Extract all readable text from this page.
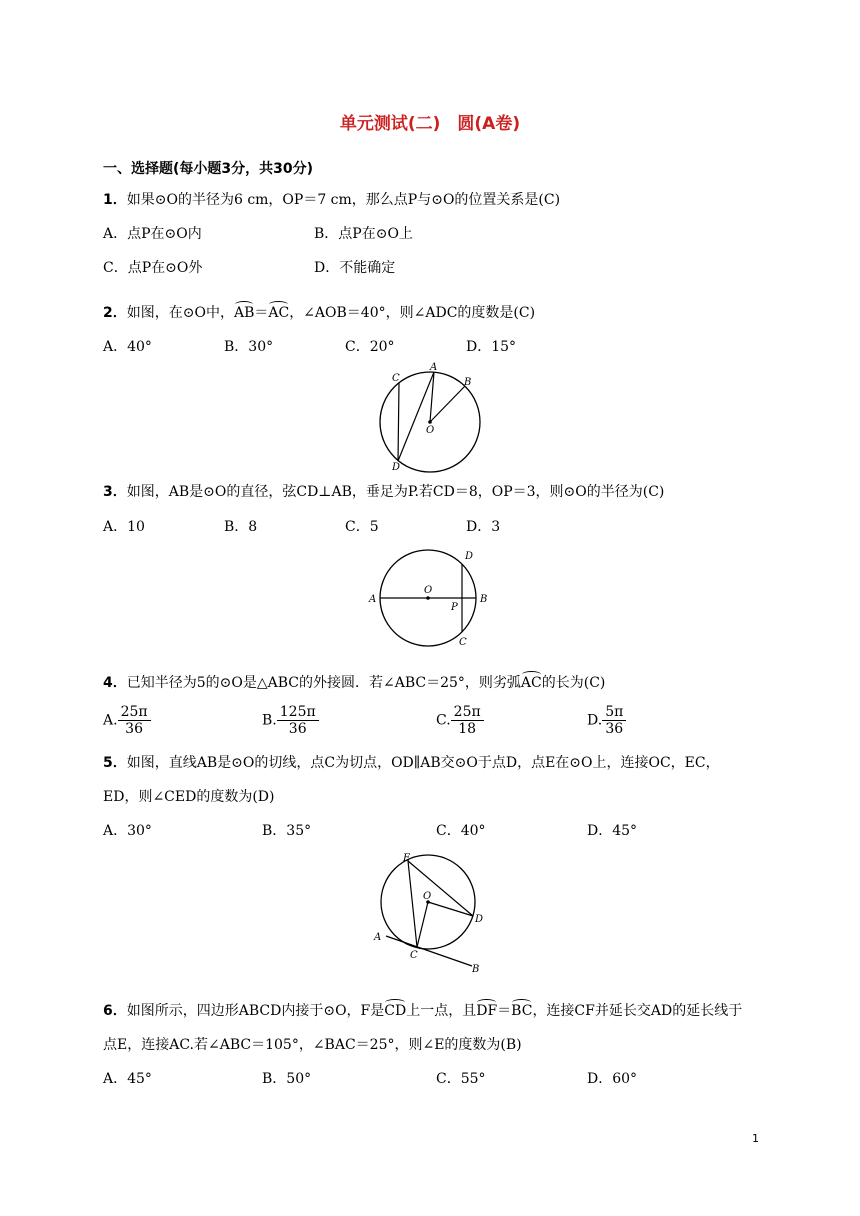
单元测试(二)　圆(A卷)
一、选择题(每小题3分，共30分)
1．如果⊙O的半径为6 cm，OP＝7 cm，那么点P与⊙O的位置关系是(C)
A．点P在⊙O内	B．点P在⊙O上
C．点P在⊙O外	D．不能确定
2．如图，在⊙O中，AB＝AC，∠AOB＝40°，则∠ADC的度数是(C)
A．40°	B．30°	C．20°	D．15°
C
A
B
O
D
3．如图，AB是⊙O的直径，弦CD⊥AB，垂足为P.若CD＝8，OP＝3，则⊙O的半径为(C)
A．10	B．8	C．5	D．3
A	B
O
P
D
C
4．已知半径为5的⊙O是△ABC的外接圆．若∠ABC＝25°，则劣弧AC的长为(C)
A. $\frac{25\pi}{36}$	B. $\frac{125\pi}{36}$	C. $\frac{25\pi}{18}$	D. $\frac{5\pi}{36}$
5．如图，直线AB是⊙O的切线，点C为切点，OD∥AB交⊙O于点D，点E在⊙O上，连接OC，EC，
ED，则∠CED的度数为(D)
A．30°	B．35°	C．40°	D．45°
E
O
D
A
C
B
6．如图所示，四边形ABCD内接于⊙O，F是CD上一点，且DF＝BC，连接CF并延长交AD的延长线于
点E，连接AC.若∠ABC＝105°，∠BAC＝25°，则∠E的度数为(B)
A．45°	B．50°	C．55°	D．60°
1
